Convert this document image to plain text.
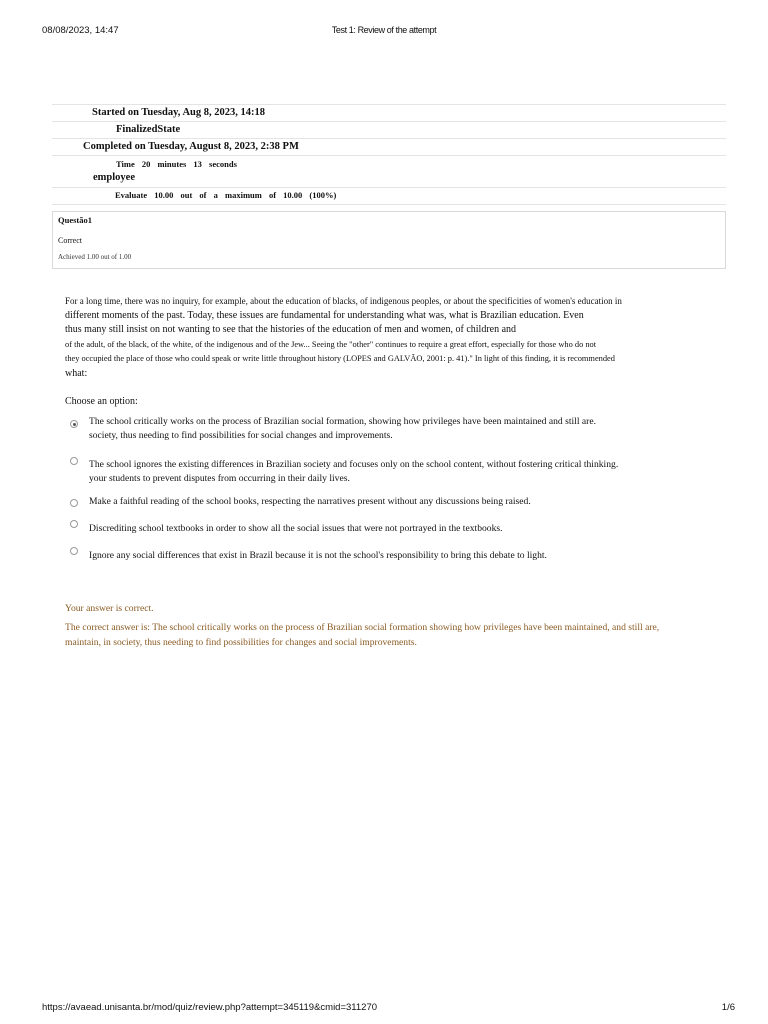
08/08/2023, 14:47	Test 1: Review of the attempt
Started on Tuesday, Aug 8, 2023, 14:18
FinalizedState
Completed on Tuesday, August 8, 2023, 2:38 PM
Time 20 minutes 13 seconds
employee
Evaluate 10.00 out of a maximum of 10.00 (100%)
Questão1
Correct
Achieved 1.00 out of 1.00
For a long time, there was no inquiry, for example, about the education of blacks, of indigenous peoples, or about the specificities of women's education in
different moments of the past. Today, these issues are fundamental for understanding what was, what is Brazilian education. Even
thus many still insist on not wanting to see that the histories of the education of men and women, of children and
of the adult, of the black, of the white, of the indigenous and of the Jew... Seeing the "other" continues to require a great effort, especially for those who do not
they occupied the place of those who could speak or write little throughout history (LOPES and GALVÃO, 2001: p. 41)." In light of this finding, it is recommended
what:
Choose an option:
The school critically works on the process of Brazilian social formation, showing how privileges have been maintained and still are.
society, thus needing to find possibilities for social changes and improvements.
The school ignores the existing differences in Brazilian society and focuses only on the school content, without fostering critical thinking.
your students to prevent disputes from occurring in their daily lives.
Make a faithful reading of the school books, respecting the narratives present without any discussions being raised.
Discrediting school textbooks in order to show all the social issues that were not portrayed in the textbooks.
Ignore any social differences that exist in Brazil because it is not the school's responsibility to bring this debate to light.
Your answer is correct.
The correct answer is: The school critically works on the process of Brazilian social formation showing how privileges have been maintained, and still are,
maintain, in society, thus needing to find possibilities for changes and social improvements.
https://avaead.unisanta.br/mod/quiz/review.php?attempt=345119&cmid=311270	1/6
